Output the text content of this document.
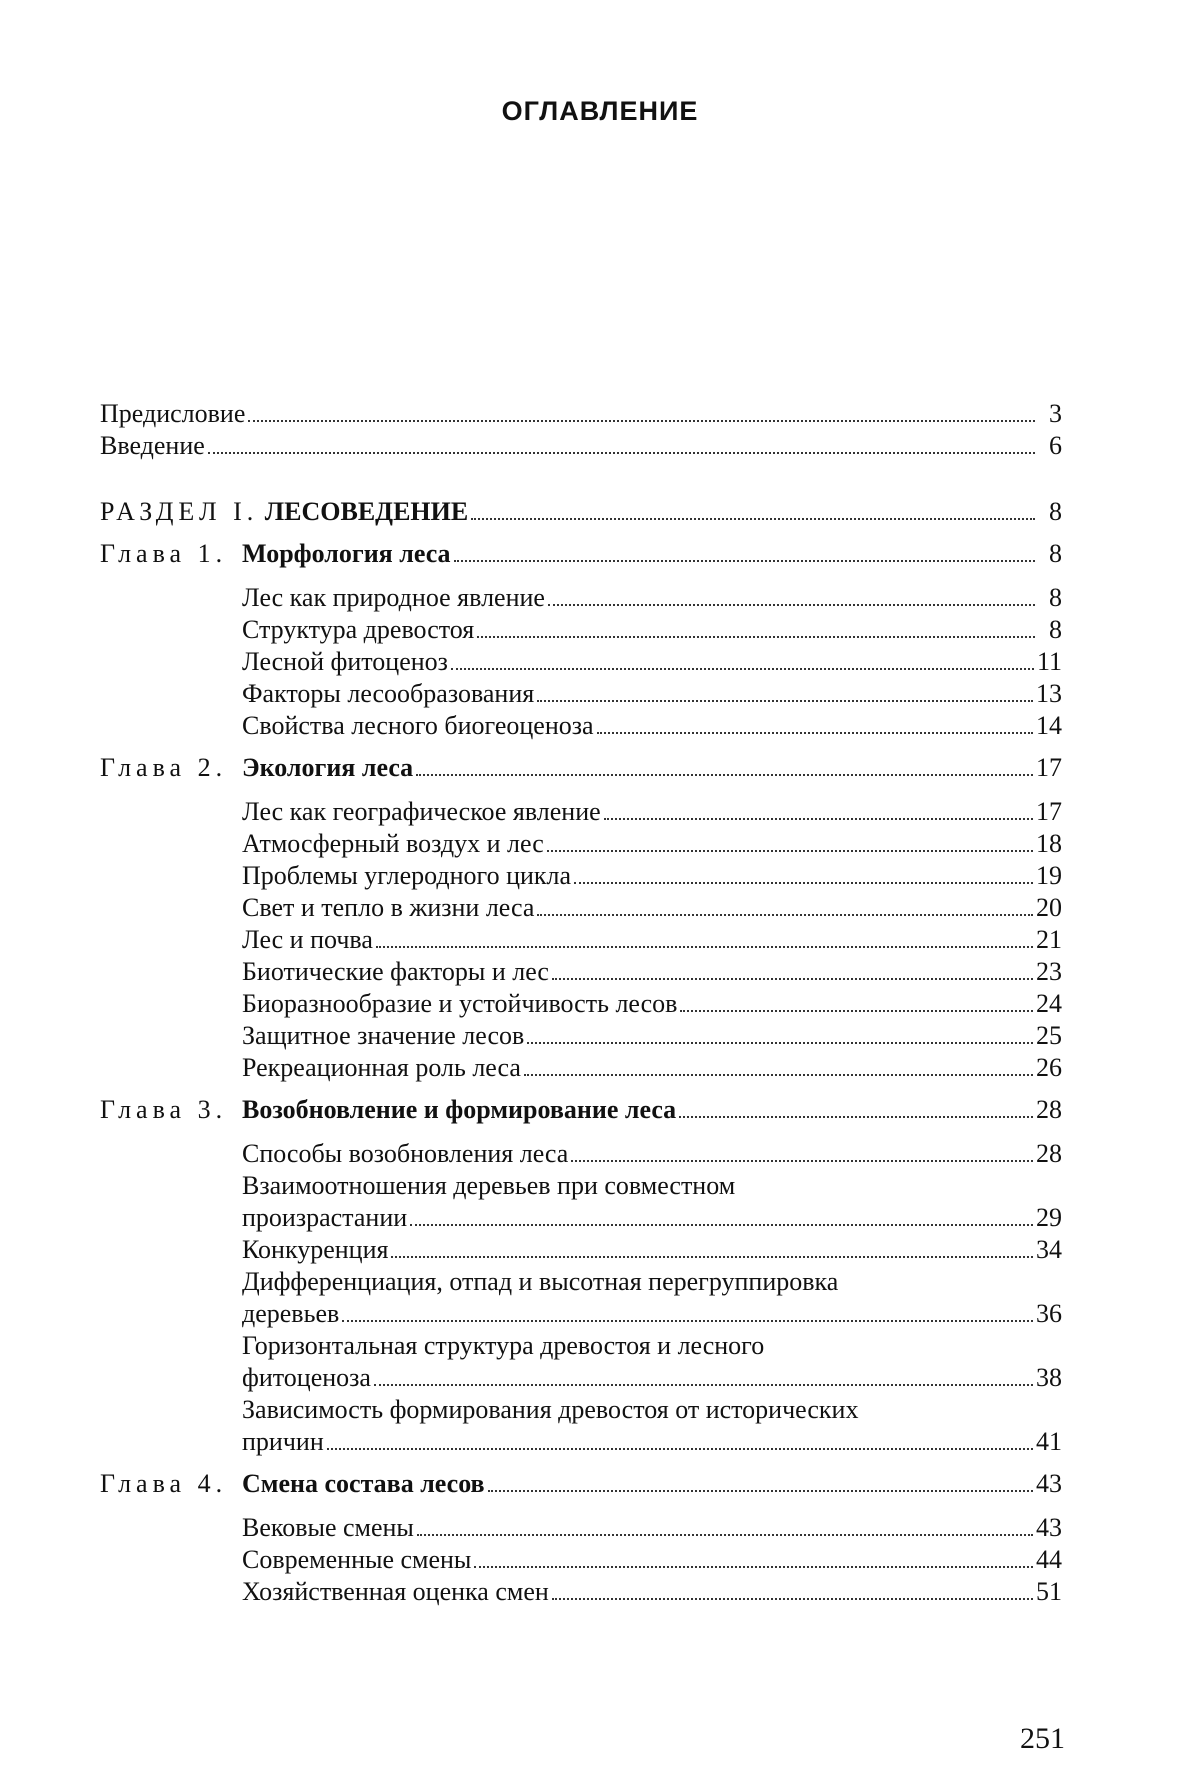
ОГЛАВЛЕНИЕ
Предисловие	3
Введение	6
РАЗДЕЛ I. ЛЕСОВЕДЕНИЕ	8
Глава 1. Морфология леса	8
Лес как природное явление	8
Структура древостоя	8
Лесной фитоценоз	11
Факторы лесообразования	13
Свойства лесного биогеоценоза	14
Глава 2. Экология леса	17
Лес как географическое явление	17
Атмосферный воздух и лес	18
Проблемы углеродного цикла	19
Свет и тепло в жизни леса	20
Лес и почва	21
Биотические факторы и лес	23
Биоразнообразие и устойчивость лесов	24
Защитное значение лесов	25
Рекреационная роль леса	26
Глава 3. Возобновление и формирование леса	28
Способы возобновления леса	28
Взаимоотношения деревьев при совместном
произрастании	29
Конкуренция	34
Дифференциация, отпад и высотная перегруппировка
деревьев	36
Горизонтальная структура древостоя и лесного
фитоценоза	38
Зависимость формирования древостоя от исторических
причин	41
Глава 4. Смена состава лесов	43
Вековые смены	43
Современные смены	44
Хозяйственная оценка смен	51
251
